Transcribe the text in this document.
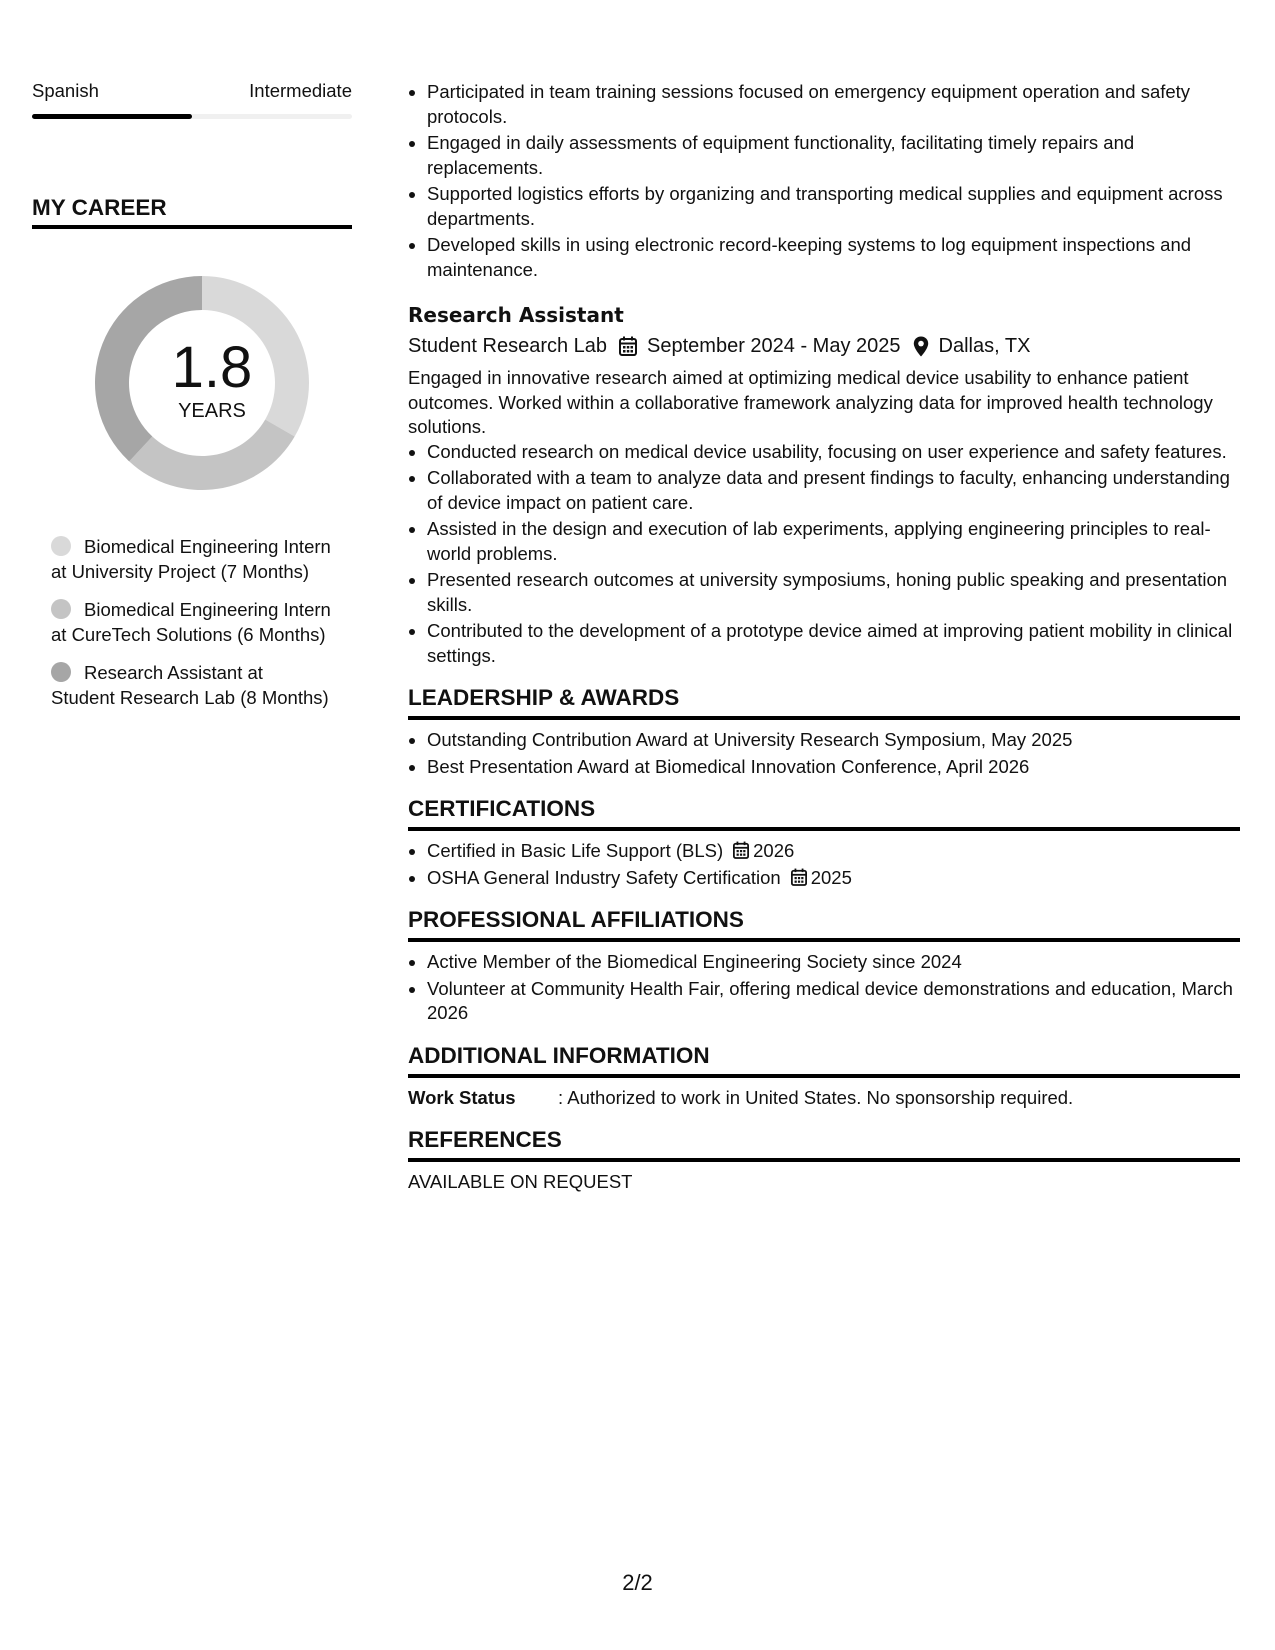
Spanish	Intermediate
MY CAREER
1.8
YEARS
Biomedical Engineering Intern at University Project (7 Months)
Biomedical Engineering Intern at CureTech Solutions (6 Months)
Research Assistant at Student Research Lab (8 Months)
• Participated in team training sessions focused on emergency equipment operation and safety protocols.
• Engaged in daily assessments of equipment functionality, facilitating timely repairs and replacements.
• Supported logistics efforts by organizing and transporting medical supplies and equipment across departments.
• Developed skills in using electronic record-keeping systems to log equipment inspections and maintenance.
Research Assistant
Student Research Lab September 2024 - May 2025 Dallas, TX
Engaged in innovative research aimed at optimizing medical device usability to enhance patient outcomes. Worked within a collaborative framework analyzing data for improved health technology solutions.
• Conducted research on medical device usability, focusing on user experience and safety features.
• Collaborated with a team to analyze data and present findings to faculty, enhancing understanding of device impact on patient care.
• Assisted in the design and execution of lab experiments, applying engineering principles to real-world problems.
• Presented research outcomes at university symposiums, honing public speaking and presentation skills.
• Contributed to the development of a prototype device aimed at improving patient mobility in clinical settings.
LEADERSHIP & AWARDS
• Outstanding Contribution Award at University Research Symposium, May 2025
• Best Presentation Award at Biomedical Innovation Conference, April 2026
CERTIFICATIONS
• Certified in Basic Life Support (BLS) 2026
• OSHA General Industry Safety Certification 2025
PROFESSIONAL AFFILIATIONS
• Active Member of the Biomedical Engineering Society since 2024
• Volunteer at Community Health Fair, offering medical device demonstrations and education, March 2026
ADDITIONAL INFORMATION
Work Status	: Authorized to work in United States. No sponsorship required.
REFERENCES
AVAILABLE ON REQUEST
2/2
